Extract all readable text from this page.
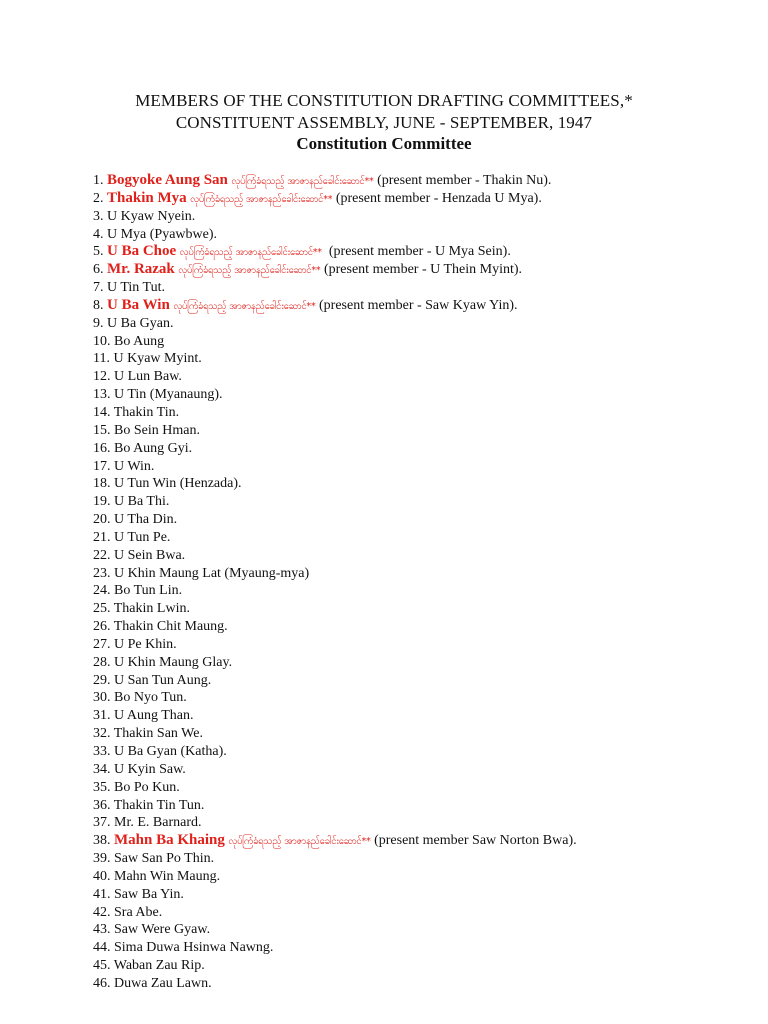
MEMBERS OF THE CONSTITUTION DRAFTING COMMITTEES,*
CONSTITUENT ASSEMBLY, JUNE - SEPTEMBER, 1947
Constitution Committee
1. Bogyoke Aung San လုပ်ကြံခံရသည့် အာဇာနည်ခေါင်းဆောင်** (present member - Thakin Nu).
2. Thakin Mya လုပ်ကြံခံရသည့် အာဇာနည်ခေါင်းဆောင်** (present member - Henzada U Mya).
3. U Kyaw Nyein.
4. U Mya (Pyawbwe).
5. U Ba Choe လုပ်ကြံခံရသည့် အာဇာနည်ခေါင်းဆောင်**  (present member - U Mya Sein).
6. Mr. Razak လုပ်ကြံခံရသည့် အာဇာနည်ခေါင်းဆောင်** (present member - U Thein Myint).
7. U Tin Tut.
8. U Ba Win လုပ်ကြံခံရသည့် အာဇာနည်ခေါင်းဆောင်** (present member - Saw Kyaw Yin).
9. U Ba Gyan.
10. Bo Aung
11. U Kyaw Myint.
12. U Lun Baw.
13. U Tin (Myanaung).
14. Thakin Tin.
15. Bo Sein Hman.
16. Bo Aung Gyi.
17. U Win.
18. U Tun Win (Henzada).
19. U Ba Thi.
20. U Tha Din.
21. U Tun Pe.
22. U Sein Bwa.
23. U Khin Maung Lat (Myaung-mya)
24. Bo Tun Lin.
25. Thakin Lwin.
26. Thakin Chit Maung.
27. U Pe Khin.
28. U Khin Maung Glay.
29. U San Tun Aung.
30. Bo Nyo Tun.
31. U Aung Than.
32. Thakin San We.
33. U Ba Gyan (Katha).
34. U Kyin Saw.
35. Bo Po Kun.
36. Thakin Tin Tun.
37. Mr. E. Barnard.
38. Mahn Ba Khaing လုပ်ကြံခံရသည့် အာဇာနည်ခေါင်းဆောင်** (present member Saw Norton Bwa).
39. Saw San Po Thin.
40. Mahn Win Maung.
41. Saw Ba Yin.
42. Sra Abe.
43. Saw Were Gyaw.
44. Sima Duwa Hsinwa Nawng.
45. Waban Zau Rip.
46. Duwa Zau Lawn.
